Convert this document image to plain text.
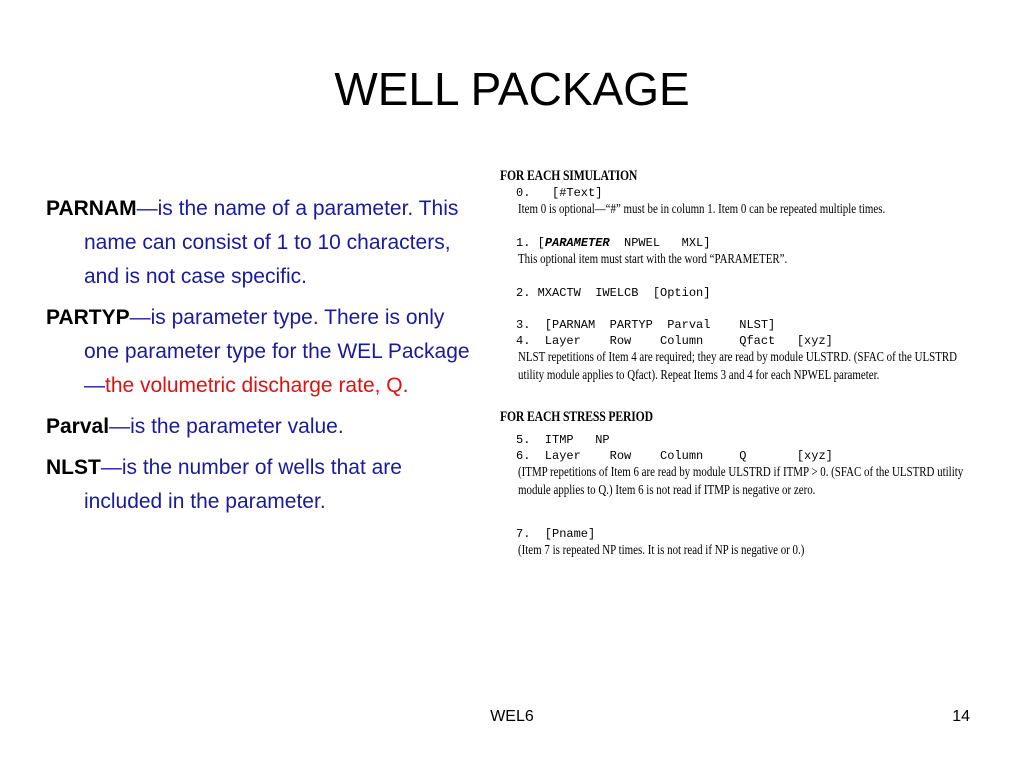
WELL PACKAGE
PARNAM—is the name of a parameter. This name can consist of 1 to 10 characters, and is not case specific.
PARTYP—is parameter type. There is only one parameter type for the WEL Package—the volumetric discharge rate, Q.
Parval—is the parameter value.
NLST—is the number of wells that are included in the parameter.
FOR EACH SIMULATION
0.   [#Text]
Item 0 is optional—“#” must be in column 1. Item 0 can be repeated multiple times.
1. [PARAMETER  NPWEL   MXL]
This optional item must start with the word “PARAMETER”.
2. MXACTW  IWELCB  [Option]
3.  [PARNAM  PARTYP  Parval    NLST]
4.  Layer    Row    Column     Qfact   [xyz]
NLST repetitions of Item 4 are required; they are read by module ULSTRD. (SFAC of the ULSTRD
utility module applies to Qfact). Repeat Items 3 and 4 for each NPWEL parameter.
FOR EACH STRESS PERIOD
5.  ITMP   NP
6.  Layer    Row    Column     Q       [xyz]
(ITMP repetitions of Item 6 are read by module ULSTRD if ITMP > 0. (SFAC of the ULSTRD utility
module applies to Q.) Item 6 is not read if ITMP is negative or zero.
7.  [Pname]
(Item 7 is repeated NP times. It is not read if NP is negative or 0.)
WEL6	14
